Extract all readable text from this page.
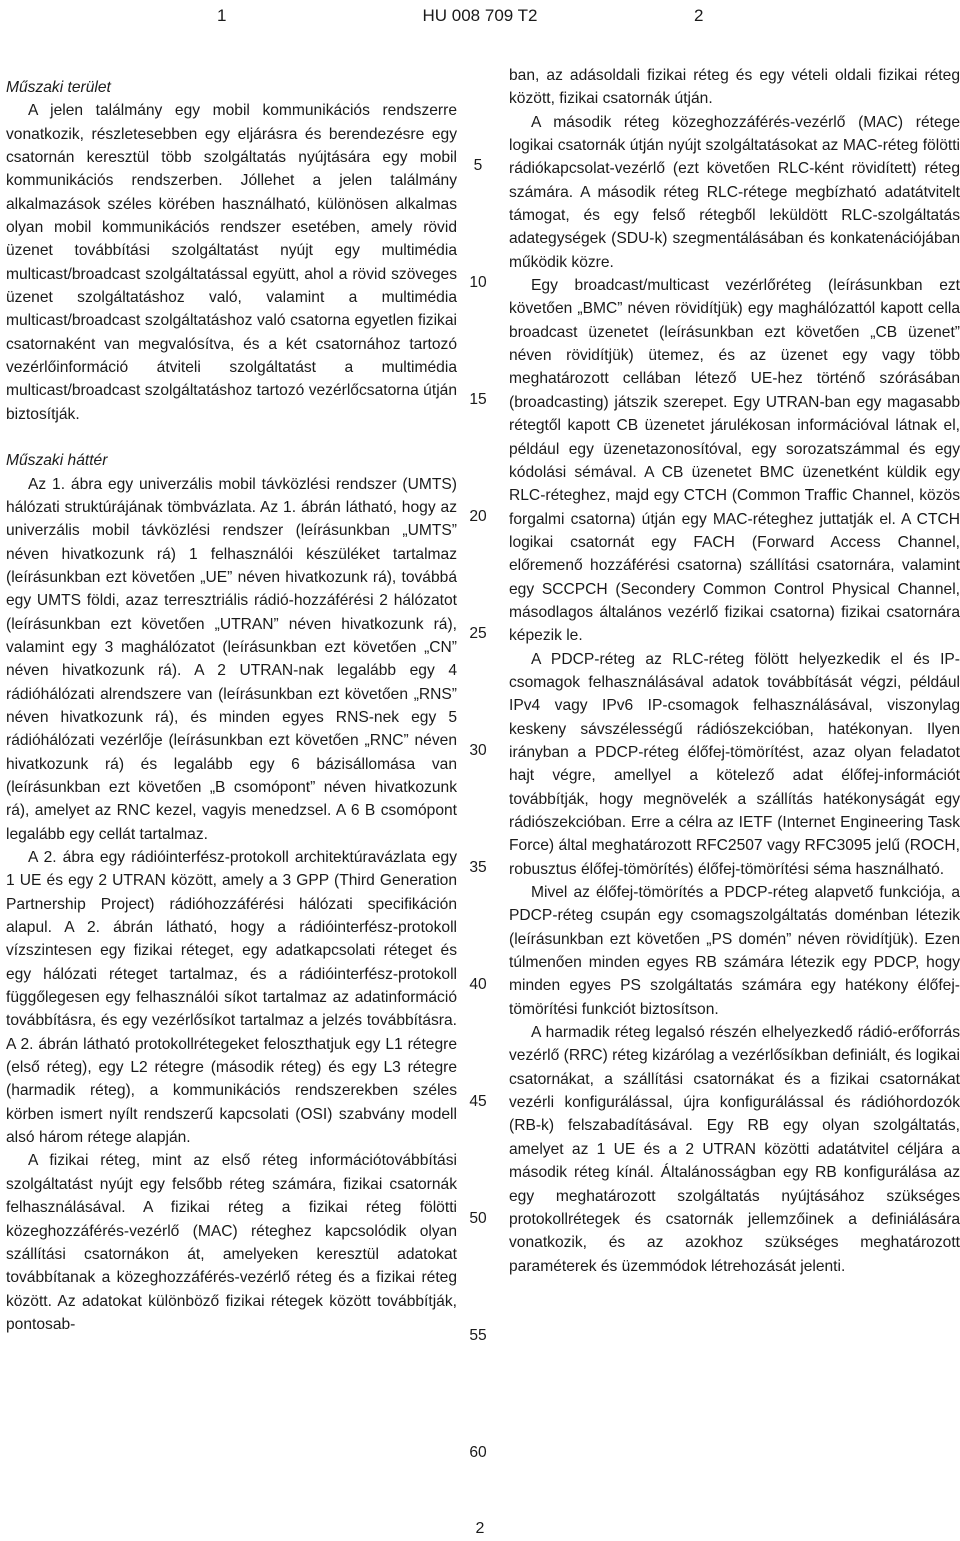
1	HU 008 709 T2	2

Műszaki terület

A jelen találmány egy mobil kommunikációs rendszerre vonatkozik, részletesebben egy eljárásra és berendezésre egy csatornán keresztül több szolgáltatás nyújtására egy mobil kommunikációs rendszerben. Jóllehet a jelen találmány alkalmazások széles körében használható, különösen alkalmas olyan mobil kommunikációs rendszer esetében, amely rövid üzenet továbbítási szolgáltatást nyújt egy multimédia multicast/broadcast szolgáltatással együtt, ahol a rövid szöveges üzenet szolgáltatáshoz való, valamint a multimédia multicast/broadcast szolgáltatáshoz való csatorna egyetlen fizikai csatornaként van megvalósítva, és a két csatornához tartozó vezérlőinformáció átviteli szolgáltatást a multimédia multicast/broadcast szolgáltatáshoz tartozó vezérlőcsatorna útján biztosítják.

Műszaki háttér

Az 1. ábra egy univerzális mobil távközlési rendszer (UMTS) hálózati struktúrájának tömbvázlata. Az 1. ábrán látható, hogy az univerzális mobil távközlési rendszer (leírásunkban „UMTS” néven hivatkozunk rá) 1 felhasználói készüléket tartalmaz (leírásunkban ezt követően „UE” néven hivatkozunk rá), továbbá egy UMTS földi, azaz terresztriális rádió-hozzáférési 2 hálózatot (leírásunkban ezt követően „UTRAN” néven hivatkozunk rá), valamint egy 3 maghálózatot (leírásunkban ezt követően „CN” néven hivatkozunk rá). A 2 UTRAN-nak legalább egy 4 rádióhálózati alrendszere van (leírásunkban ezt követően „RNS” néven hivatkozunk rá), és minden egyes RNS-nek egy 5 rádióhálózati vezérlője (leírásunkban ezt követően „RNC” néven hivatkozunk rá) és legalább egy 6 bázisállomása van (leírásunkban ezt követően „B csomópont” néven hivatkozunk rá), amelyet az RNC kezel, vagyis menedzsel. A 6 B csomópont legalább egy cellát tartalmaz.

A 2. ábra egy rádióinterfész-protokoll architektúravázlata egy 1 UE és egy 2 UTRAN között, amely a 3 GPP (Third Generation Partnership Project) rádióhozzáférési hálózati specifikáción alapul. A 2. ábrán látható, hogy a rádióinterfész-protokoll vízszintesen egy fizikai réteget, egy adatkapcsolati réteget és egy hálózati réteget tartalmaz, és a rádióinterfész-protokoll függőlegesen egy felhasználói síkot tartalmaz az adatinformáció továbbításra, és egy vezérlősíkot tartalmaz a jelzés továbbításra. A 2. ábrán látható protokollrétegeket feloszthatjuk egy L1 rétegre (első réteg), egy L2 rétegre (második réteg) és egy L3 rétegre (harmadik réteg), a kommunikációs rendszerekben széles körben ismert nyílt rendszerű kapcsolati (OSI) szabvány modell alsó három rétege alapján.

A fizikai réteg, mint az első réteg információtovábbítási szolgáltatást nyújt egy felsőbb réteg számára, fizikai csatornák felhasználásával. A fizikai réteg a fizikai réteg fölötti közeghozzáférés-vezérlő (MAC) réteghez kapcsolódik olyan szállítási csatornákon át, amelyeken keresztül adatokat továbbítanak a közeghozzáférés-vezérlő réteg és a fizikai réteg között. Az adatokat különböző fizikai rétegek között továbbítják, pontosab-

5
10
15
20
25
30
35
40
45
50
55
60

ban, az adásoldali fizikai réteg és egy vételi oldali fizikai réteg között, fizikai csatornák útján.

A második réteg közeghozzáférés-vezérlő (MAC) rétege logikai csatornák útján nyújt szolgáltatásokat az MAC-réteg fölötti rádiókapcsolat-vezérlő (ezt követően RLC-ként rövidített) réteg számára. A második réteg RLC-rétege megbízható adatátvitelt támogat, és egy felső rétegből leküldött RLC-szolgáltatás adategységek (SDU-k) szegmentálásában és konkatenációjában működik közre.

Egy broadcast/multicast vezérlőréteg (leírásunkban ezt követően „BMC” néven rövidítjük) egy maghálózattól kapott cella broadcast üzenetet (leírásunkban ezt követően „CB üzenet” néven rövidítjük) ütemez, és az üzenet egy vagy több meghatározott cellában létező UE-hez történő szórásában (broadcasting) játszik szerepet. Egy UTRAN-ban egy magasabb rétegtől kapott CB üzenetet járulékosan információval látnak el, például egy üzenetazonosítóval, egy sorozatszámmal és egy kódolási sémával. A CB üzenetet BMC üzenetként küldik egy RLC-réteghez, majd egy CTCH (Common Traffic Channel, közös forgalmi csatorna) útján egy MAC-réteghez juttatják el. A CTCH logikai csatornát egy FACH (Forward Access Channel, előremenő hozzáférési csatorna) szállítási csatornára, valamint egy SCCPCH (Secondery Common Control Physical Channel, másodlagos általános vezérlő fizikai csatorna) fizikai csatornára képezik le.

A PDCP-réteg az RLC-réteg fölött helyezkedik el és IP-csomagok felhasználásával adatok továbbítását végzi, például IPv4 vagy IPv6 IP-csomagok felhasználásával, viszonylag keskeny sávszélességű rádiószekcióban, hatékonyan. Ilyen irányban a PDCP-réteg élőfej-tömörítést, azaz olyan feladatot hajt végre, amellyel a kötelező adat élőfej-információt továbbítják, hogy megnövelék a szállítás hatékonyságát egy rádiószekcióban. Erre a célra az IETF (Internet Engineering Task Force) által meghatározott RFC2507 vagy RFC3095 jelű (ROCH, robusztus élőfej-tömörítés) élőfej-tömörítési séma használható.

Mivel az élőfej-tömörítés a PDCP-réteg alapvető funkciója, a PDCP-réteg csupán egy csomagszolgáltatás doménban létezik (leírásunkban ezt követően „PS domén” néven rövidítjük). Ezen túlmenően minden egyes RB számára létezik egy PDCP, hogy minden egyes PS szolgáltatás számára egy hatékony élőfej-tömörítési funkciót biztosítson.

A harmadik réteg legalsó részén elhelyezkedő rádió-erőforrás vezérlő (RRC) réteg kizárólag a vezérlősíkban definiált, és logikai csatornákat, a szállítási csatornákat és a fizikai csatornákat vezérli konfigurálással, újra konfigurálással és rádióhordozók (RB-k) felszabadításával. Egy RB egy olyan szolgáltatás, amelyet az 1 UE és a 2 UTRAN közötti adatátvitel céljára a második réteg kínál. Általánosságban egy RB konfigurálása az egy meghatározott szolgáltatás nyújtásához szükséges protokollrétegek és csatornák jellemzőinek a definiálására vonatkozik, és az azokhoz szükséges meghatározott paraméterek és üzemmódok létrehozását jelenti.

2
